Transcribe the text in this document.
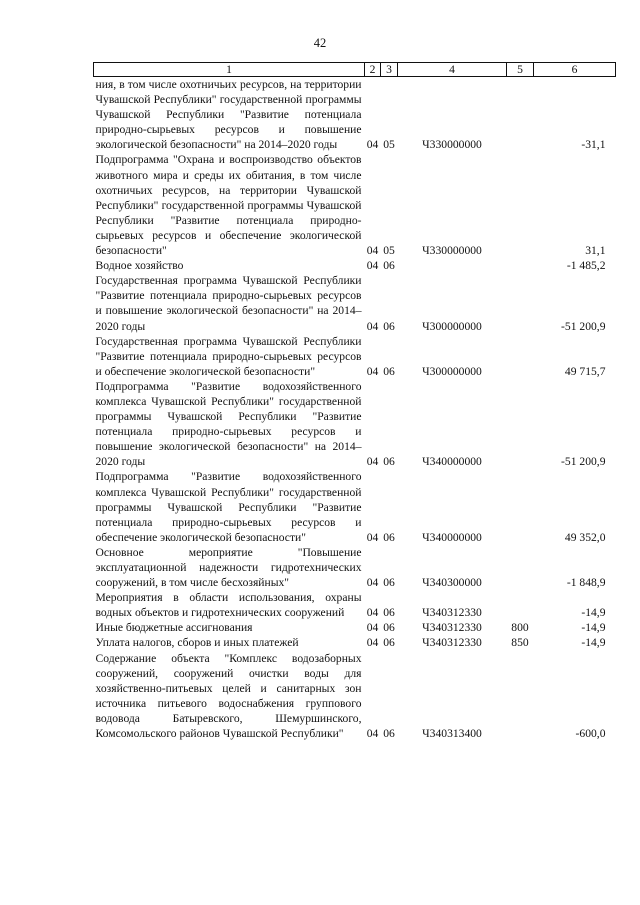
42
1	2	3	4	5	6
ния, в том числе охотничьих ресурсов, на территории Чувашской Республики" государственной программы Чувашской Республики "Развитие потенциала природно-сырьевых ресурсов и повышение экологической безопасности" на 2014–2020 годы	04	05	Ч330000000		-31,1
Подпрограмма "Охрана и воспроизводство объектов животного мира и среды их обитания, в том числе охотничьих ресурсов, на территории Чувашской Республики" государственной программы Чувашской Республики "Развитие потенциала природно-сырьевых ресурсов и обеспечение экологической безопасности"	04	05	Ч330000000		31,1
Водное хозяйство	04	06			-1 485,2
Государственная программа Чувашской Республики "Развитие потенциала природно-сырьевых ресурсов и повышение экологической безопасности" на 2014–2020 годы	04	06	Ч300000000		-51 200,9
Государственная программа Чувашской Республики "Развитие потенциала природно-сырьевых ресурсов и обеспечение экологической безопасности"	04	06	Ч300000000		49 715,7
Подпрограмма "Развитие водохозяйственного комплекса Чувашской Республики" государственной программы Чувашской Республики "Развитие потенциала природно-сырьевых ресурсов и повышение экологической безопасности" на 2014–2020 годы	04	06	Ч340000000		-51 200,9
Подпрограмма "Развитие водохозяйственного комплекса Чувашской Республики" государственной программы Чувашской Республики "Развитие потенциала природно-сырьевых ресурсов и обеспечение экологической безопасности"	04	06	Ч340000000		49 352,0
Основное мероприятие "Повышение эксплуатационной надежности гидротехнических сооружений, в том числе бесхозяйных"	04	06	Ч340300000		-1 848,9
Мероприятия в области использования, охраны водных объектов и гидротехнических сооружений	04	06	Ч340312330		-14,9
Иные бюджетные ассигнования	04	06	Ч340312330	800	-14,9
Уплата налогов, сборов и иных платежей	04	06	Ч340312330	850	-14,9
Содержание объекта "Комплекс водозаборных сооружений, сооружений очистки воды для хозяйственно-питьевых целей и санитарных зон источника питьевого водоснабжения группового водовода Батыревского, Шемуршинского, Комсомольского районов Чувашской Республики"	04	06	Ч340313400		-600,0
